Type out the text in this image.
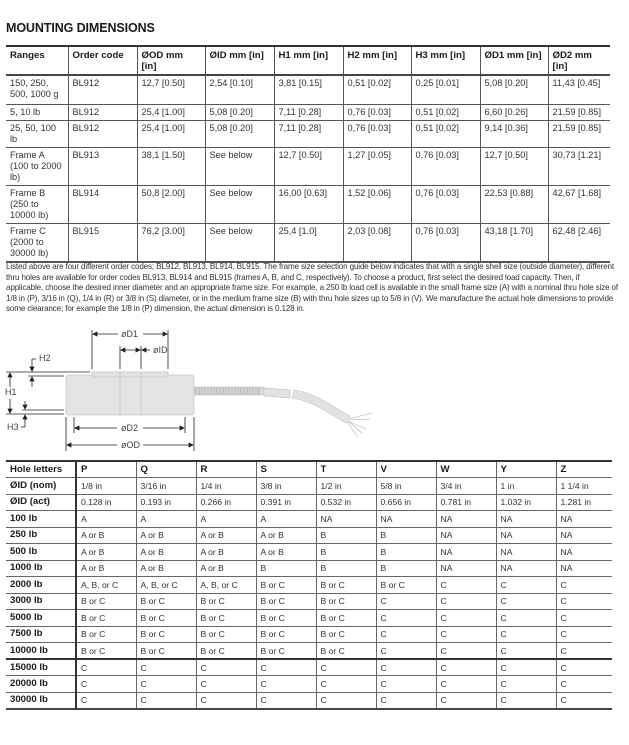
MOUNTING DIMENSIONS
Ranges	Order code	ØOD mm [in]	ØID mm [in]	H1 mm [in]	H2 mm [in]	H3 mm [in]	ØD1 mm [in]	ØD2 mm [in]
150, 250, 500, 1000 g	BL912	12,7 [0.50]	2,54 [0.10]	3,81 [0.15]	0,51 [0.02]	0,25 [0.01]	5,08 [0.20]	11,43 [0.45]
5, 10 lb	BL912	25,4 [1.00]	5,08 [0.20]	7,11 [0.28]	0,76 [0.03]	0,51 [0.02]	6,60 [0.26]	21,59 [0.85]
25, 50, 100 lb	BL912	25,4 [1.00]	5,08 [0.20]	7,11 [0.28]	0,76 [0.03]	0,51 [0.02]	9,14 [0.36]	21,59 [0.85]
Frame A (100 to 2000 lb)	BL913	38,1 [1.50]	See below	12,7 [0.50]	1,27 [0.05]	0,76 [0.03]	12,7 [0.50]	30,73 [1.21]
Frame B (250 to 10000 lb)	BL914	50,8 [2.00]	See below	16,00 [0.63]	1,52 [0.06]	0,76 [0.03]	22,53 [0.88]	42,67 [1.68]
Frame C (2000 to 30000 lb)	BL915	76,2 [3.00]	See below	25,4 [1.0]	2,03 [0.08]	0,76 [0.03]	43,18 [1.70]	62,48 [2.46]

Listed above are four different order codes; BL912, BL913, BL914, BL915. The frame size selection guide below indicates that with a single shell size (outside diameter), different thru holes are available for order codes BL913, BL914 and BL915 (frames A, B, and C, respectively). To choose a product, first select the desired load capacity. Then, if applicable, choose the desired inner diameter and an appropriate frame size. For example, a 250 lb load cell is available in the small frame size (A) with a nominal thru hole size of 1/8 in (P), 3/16 in (Q), 1/4 in (R) or 3/8 in (S) diameter, or in the medium frame size (B) with thru hole sizes up to 5/8 in (V). We manufacture the actual hole dimensions to provide some clearance; for example the 1/8 in (P) dimension, the actual dimension is 0.128 in.

øD1
øID
H2
H1
H3	øD2
øOD
Hole letters	P	Q	R	S	T	V	W	Y	Z
ØID (nom)	1/8 in	3/16 in	1/4 in	3/8 in	1/2 in	5/8 in	3/4 in	1 in	1 1/4 in
ØID (act)	0.128 in	0.193 in	0.266 in	0.391 in	0.532 in	0.656 in	0.781 in	1.032 in	1.281 in
100 lb	A	A	A	A	NA	NA	NA	NA	NA
250 lb	A or B	A or B	A or B	A or B	B	B	NA	NA	NA
500 lb	A or B	A or B	A or B	A or B	B	B	NA	NA	NA
1000 lb	A or B	A or B	A or B	B	B	B	NA	NA	NA
2000 lb	A, B, or C	A, B, or C	A, B, or C	B or C	B or C	B or C	C	C	C
3000 lb	B or C	B or C	B or C	B or C	B or C	C	C	C	C
5000 lb	B or C	B or C	B or C	B or C	B or C	C	C	C	C
7500 lb	B or C	B or C	B or C	B or C	B or C	C	C	C	C
10000 lb	B or C	B or C	B or C	B or C	B or C	C	C	C	C
15000 lb	C	C	C	C	C	C	C	C	C
20000 lb	C	C	C	C	C	C	C	C	C
30000 lb	C	C	C	C	C	C	C	C	C
